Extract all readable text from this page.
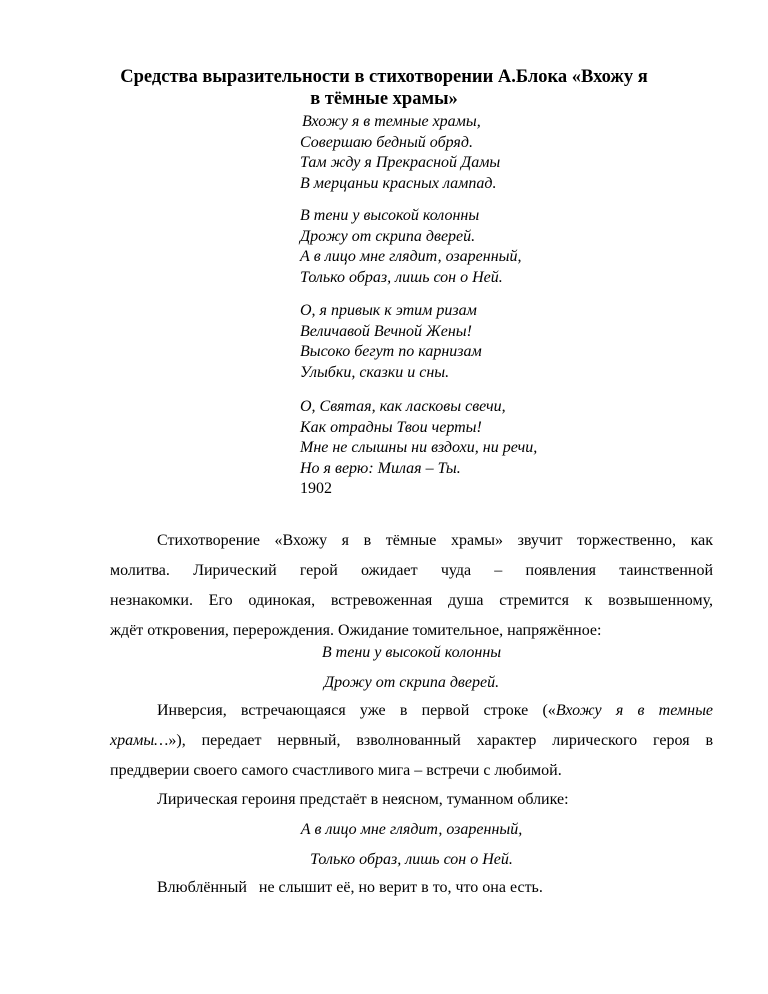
Средства выразительности в стихотворении А.Блока «Вхожу я
в тёмные храмы»
Вхожу я в темные храмы,
Совершаю бедный обряд.
Там жду я Прекрасной Дамы
В мерцаньи красных лампад.
В тени у высокой колонны
Дрожу от скрипа дверей.
А в лицо мне глядит, озаренный,
Только образ, лишь сон о Ней.
О, я привык к этим ризам
Величавой Вечной Жены!
Высоко бегут по карнизам
Улыбки, сказки и сны.
О, Святая, как ласковы свечи,
Как отрадны Твои черты!
Мне не слышны ни вздохи, ни речи,
Но я верю: Милая – Ты.
1902
Стихотворение «Вхожу я в тёмные храмы» звучит торжественно, как
молитва. Лирический герой ожидает чуда – появления таинственной
незнакомки. Его одинокая, встревоженная душа стремится к возвышенному,
ждёт откровения, перерождения. Ожидание томительное, напряжённое:
В тени у высокой колонны
Дрожу от скрипа дверей.
Инверсия, встречающаяся уже в первой строке («Вхожу я в темные
храмы…»), передает нервный, взволнованный характер лирического героя в
преддверии своего самого счастливого мига – встречи с любимой.
Лирическая героиня предстаёт в неясном, туманном облике:
А в лицо мне глядит, озаренный,
Только образ, лишь сон о Ней.
Влюблённый   не слышит её, но верит в то, что она есть.
